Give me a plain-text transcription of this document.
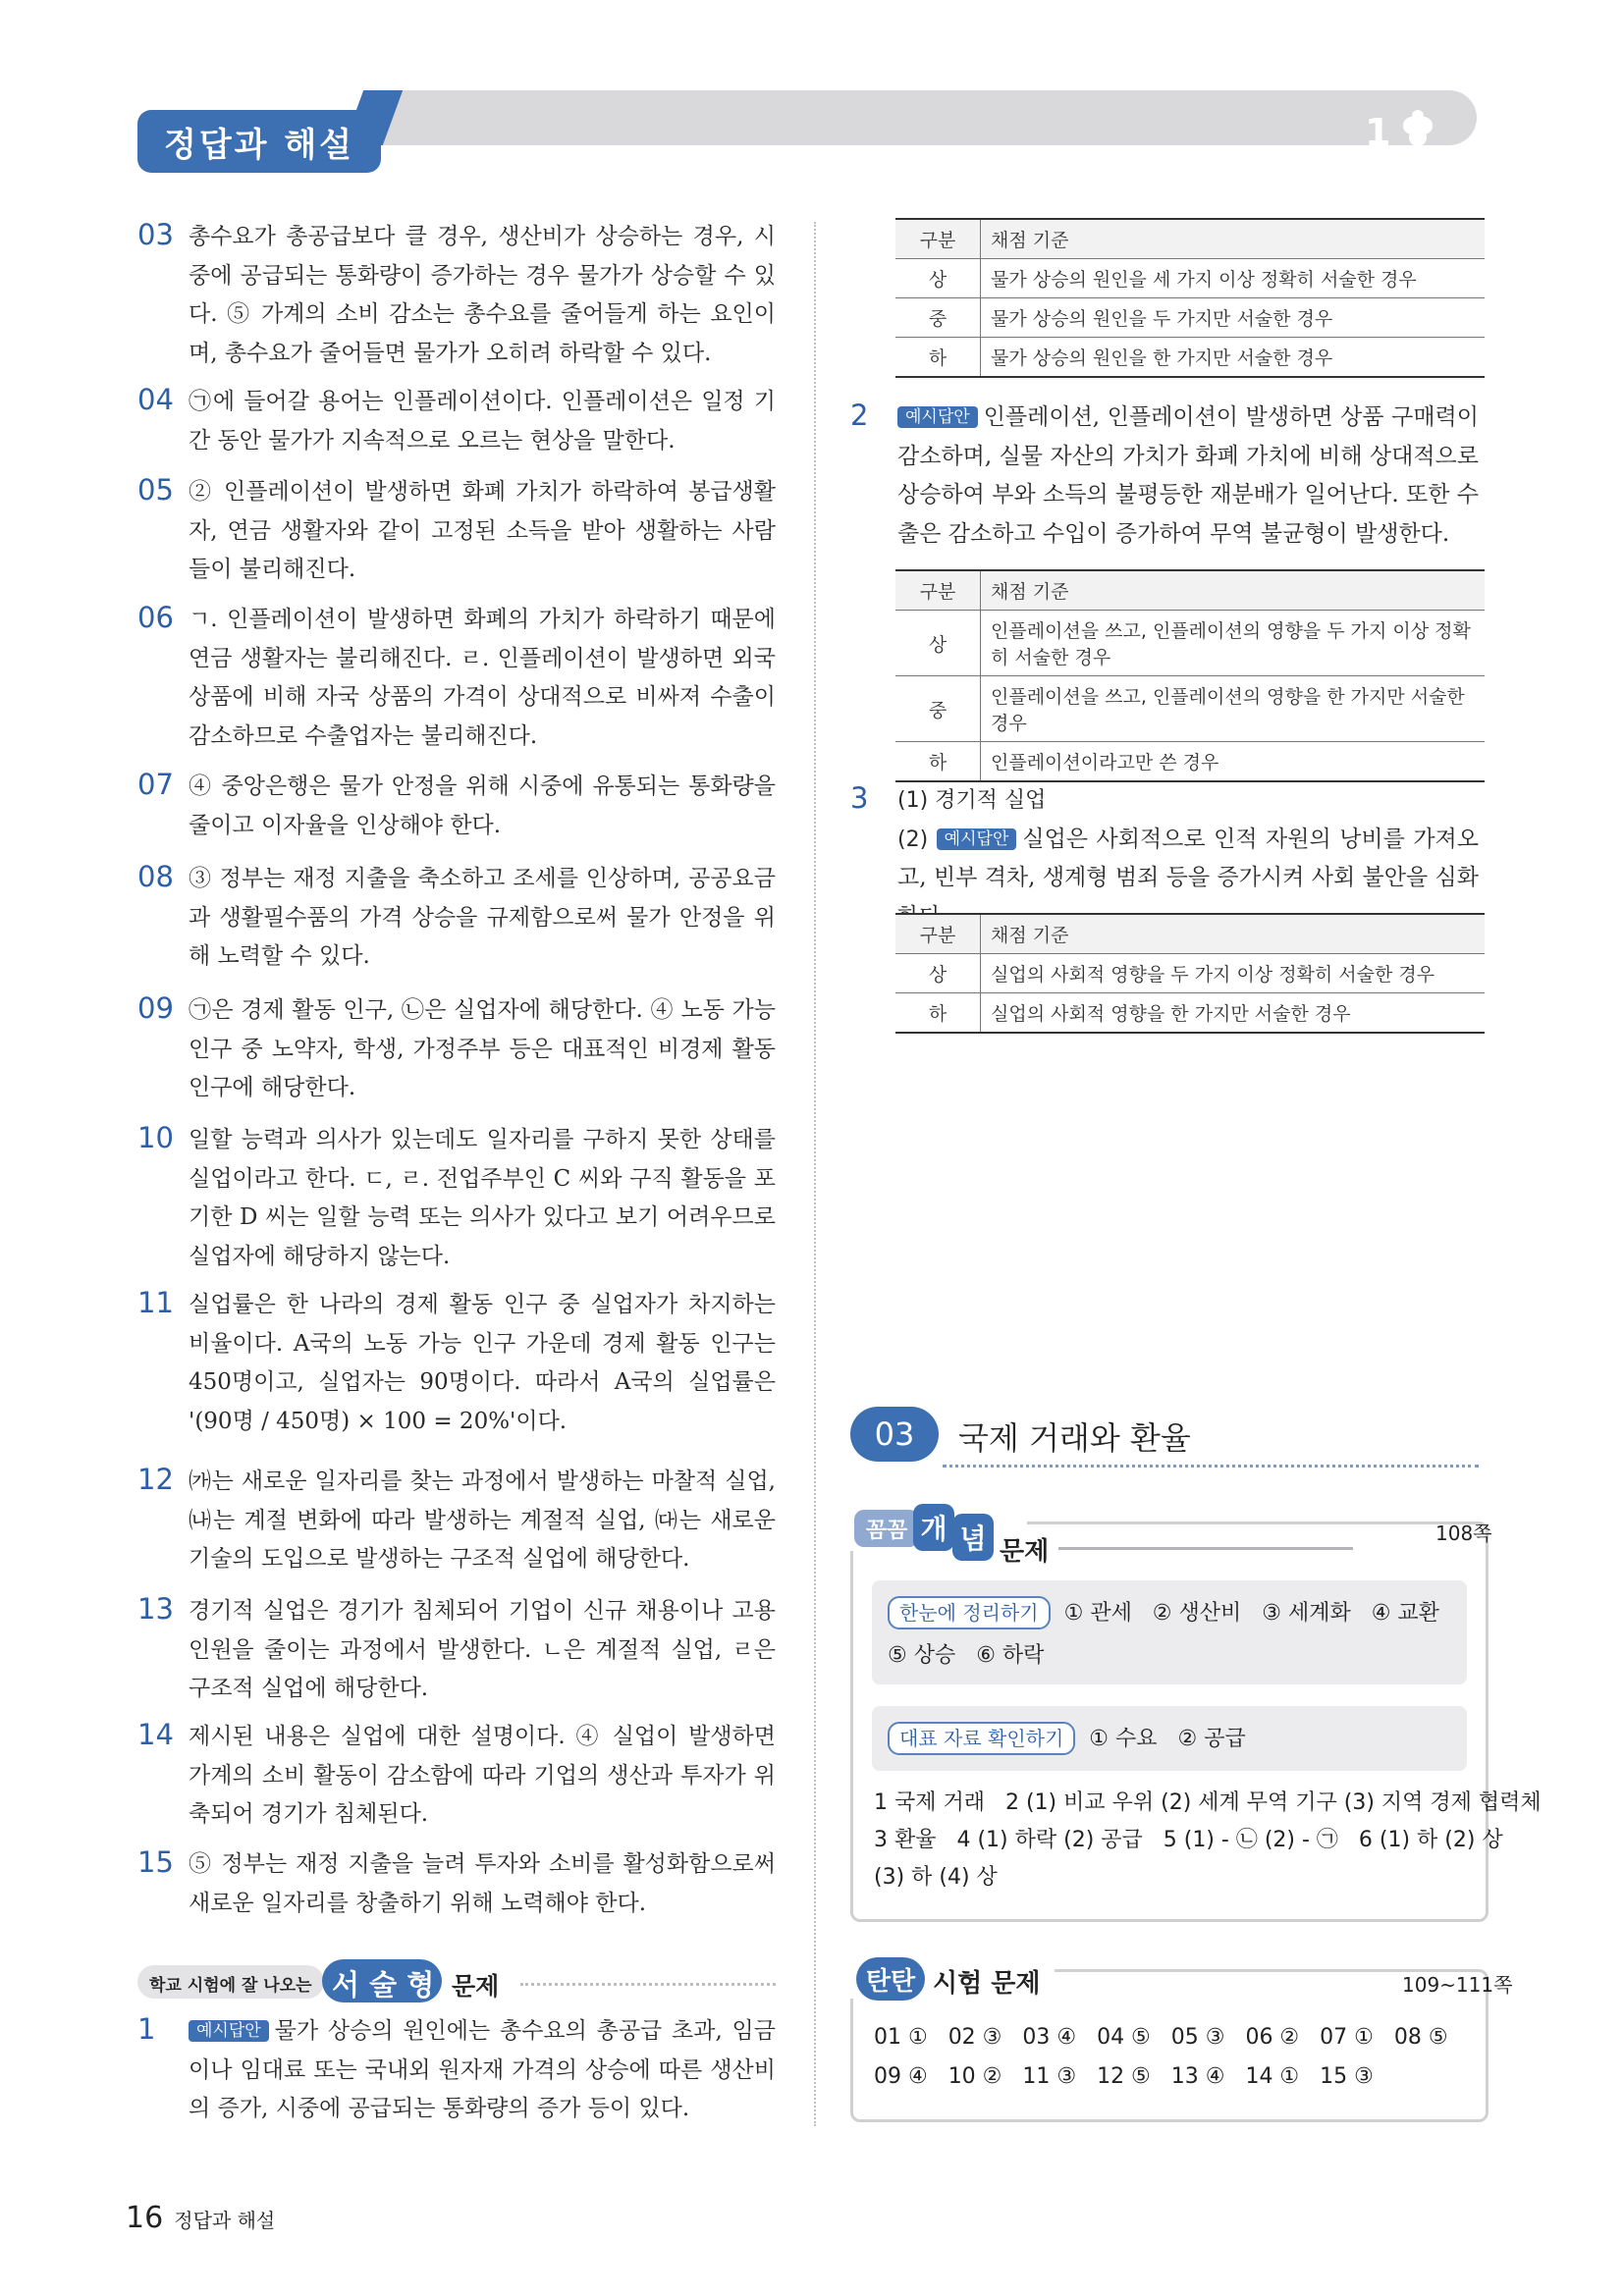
정답과 해설	1
03 총수요가 총공급보다 클 경우, 생산비가 상승하는 경우, 시중에 공급되는 통화량이 증가하는 경우 물가가 상승할 수 있다. ⑤ 가계의 소비 감소는 총수요를 줄어들게 하는 요인이며, 총수요가 줄어들면 물가가 오히려 하락할 수 있다.
04 ㉠에 들어갈 용어는 인플레이션이다. 인플레이션은 일정 기간 동안 물가가 지속적으로 오르는 현상을 말한다.
05 ② 인플레이션이 발생하면 화폐 가치가 하락하여 봉급생활자, 연금 생활자와 같이 고정된 소득을 받아 생활하는 사람들이 불리해진다.
06 ㄱ. 인플레이션이 발생하면 화폐의 가치가 하락하기 때문에 연금 생활자는 불리해진다. ㄹ. 인플레이션이 발생하면 외국 상품에 비해 자국 상품의 가격이 상대적으로 비싸져 수출이 감소하므로 수출업자는 불리해진다.
07 ④ 중앙은행은 물가 안정을 위해 시중에 유통되는 통화량을 줄이고 이자율을 인상해야 한다.
08 ③ 정부는 재정 지출을 축소하고 조세를 인상하며, 공공요금과 생활필수품의 가격 상승을 규제함으로써 물가 안정을 위해 노력할 수 있다.
09 ㉠은 경제 활동 인구, ㉡은 실업자에 해당한다. ④ 노동 가능 인구 중 노약자, 학생, 가정주부 등은 대표적인 비경제 활동 인구에 해당한다.
10 일할 능력과 의사가 있는데도 일자리를 구하지 못한 상태를 실업이라고 한다. ㄷ, ㄹ. 전업주부인 C 씨와 구직 활동을 포기한 D 씨는 일할 능력 또는 의사가 있다고 보기 어려우므로 실업자에 해당하지 않는다.
11 실업률은 한 나라의 경제 활동 인구 중 실업자가 차지하는 비율이다. A국의 노동 가능 인구 가운데 경제 활동 인구는 450명이고, 실업자는 90명이다. 따라서 A국의 실업률은 '(90명 / 450명) × 100 = 20%'이다.
12 ㈎는 새로운 일자리를 찾는 과정에서 발생하는 마찰적 실업, ㈏는 계절 변화에 따라 발생하는 계절적 실업, ㈐는 새로운 기술의 도입으로 발생하는 구조적 실업에 해당한다.
13 경기적 실업은 경기가 침체되어 기업이 신규 채용이나 고용 인원을 줄이는 과정에서 발생한다. ㄴ은 계절적 실업, ㄹ은 구조적 실업에 해당한다.
14 제시된 내용은 실업에 대한 설명이다. ④ 실업이 발생하면 가계의 소비 활동이 감소함에 따라 기업의 생산과 투자가 위축되어 경기가 침체된다.
15 ⑤ 정부는 재정 지출을 늘려 투자와 소비를 활성화함으로써 새로운 일자리를 창출하기 위해 노력해야 한다.
학교 시험에 잘 나오는 서 술 형 문제
1	예시답안 물가 상승의 원인에는 총수요의 총공급 초과, 임금이나 임대료 또는 국내외 원자재 가격의 상승에 따른 생산비의 증가, 시중에 공급되는 통화량의 증가 등이 있다.
구분	채점 기준
상	물가 상승의 원인을 세 가지 이상 정확히 서술한 경우
중	물가 상승의 원인을 두 가지만 서술한 경우
하	물가 상승의 원인을 한 가지만 서술한 경우
2	예시답안 인플레이션, 인플레이션이 발생하면 상품 구매력이 감소하며, 실물 자산의 가치가 화폐 가치에 비해 상대적으로 상승하여 부와 소득의 불평등한 재분배가 일어난다. 또한 수출은 감소하고 수입이 증가하여 무역 불균형이 발생한다.
구분	채점 기준
상	인플레이션을 쓰고, 인플레이션의 영향을 두 가지 이상 정확히 서술한 경우
중	인플레이션을 쓰고, 인플레이션의 영향을 한 가지만 서술한 경우
하	인플레이션이라고만 쓴 경우
3 (1) 경기적 실업
(2) 예시답안 실업은 사회적으로 인적 자원의 낭비를 가져오고, 빈부 격차, 생계형 범죄 등을 증가시켜 사회 불안을 심화
구분	채점 기준
상	실업의 사회적 영향을 두 가지 이상 정확히 서술한 경우
하	실업의 사회적 영향을 한 가지만 서술한 경우
03	국제 거래와 환율
꼼꼼 개 념 문제
108쪽
한눈에 정리하기 ① 관세   ② 생산비   ③ 세계화   ④ 교환
⑤ 상승   ⑥ 하락
대표 자료 확인하기 ① 수요   ② 공급
1 국제 거래   2 (1) 비교 우위 (2) 세계 무역 기구 (3) 지역 경제 협력체
3 환율   4 (1) 하락 (2) 공급   5 (1) - ㉡ (2) - ㉠   6 (1) 하 (2) 상
(3) 하 (4) 상
탄탄 시험 문제	109~111쪽
01 ①   02 ③   03 ④   04 ⑤   05 ③   06 ②   07 ①   08 ⑤
09 ④   10 ②   11 ③   12 ⑤   13 ④   14 ①   15 ③
16 정답과 해설
